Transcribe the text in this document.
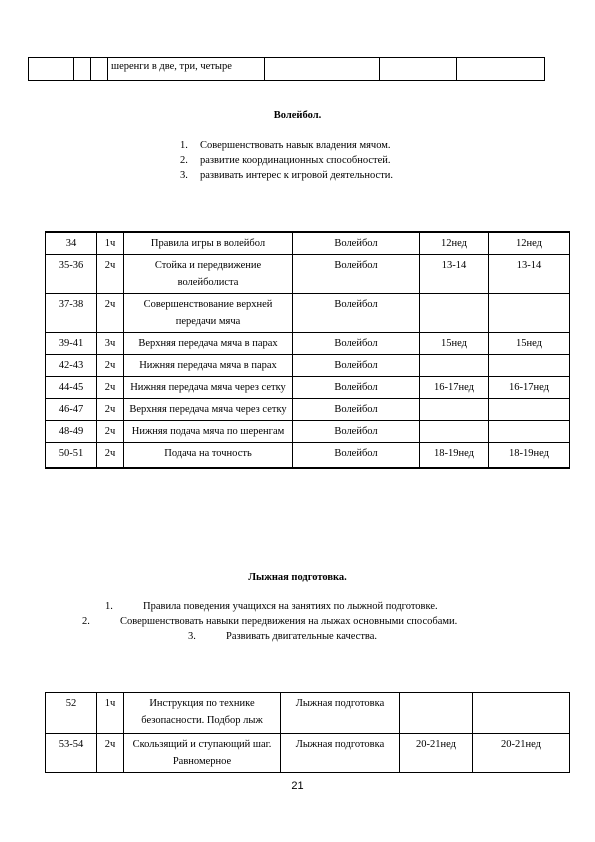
			шеренги в две, три, четыре			
Волейбол.
1. Совершенствовать навык владения мячом.
2. развитие координационных способностей.
3. развивать интерес к игровой деятельности.
34	1ч	Правила игры в волейбол	Волейбол	12нед	12нед
35-36	2ч	Стойка и передвижение волейболиста	Волейбол	13-14	13-14
37-38	2ч	Совершенствование верхней передачи мяча	Волейбол		
39-41	3ч	Верхняя передача мяча в парах	Волейбол	15нед	15нед
42-43	2ч	Нижняя передача мяча в парах	Волейбол		
44-45	2ч	Нижняя передача мяча через сетку	Волейбол	16-17нед	16-17нед
46-47	2ч	Верхняя передача мяча через сетку	Волейбол		
48-49	2ч	Нижняя подача мяча по шеренгам	Волейбол		
50-51	2ч	Подача на точность	Волейбол	18-19нед	18-19нед
Лыжная подготовка.
1.	Правила поведения учащихся на занятиях по лыжной подготовке.
2.	Совершенствовать навыки передвижения на лыжах основными способами.
3.	Развивать двигательные качества.
52	1ч	Инструкция по технике безопасности. Подбор лыж	Лыжная подготовка		
53-54	2ч	Скользящий и ступающий шаг. Равномерное	Лыжная подготовка	20-21нед	20-21нед
21
